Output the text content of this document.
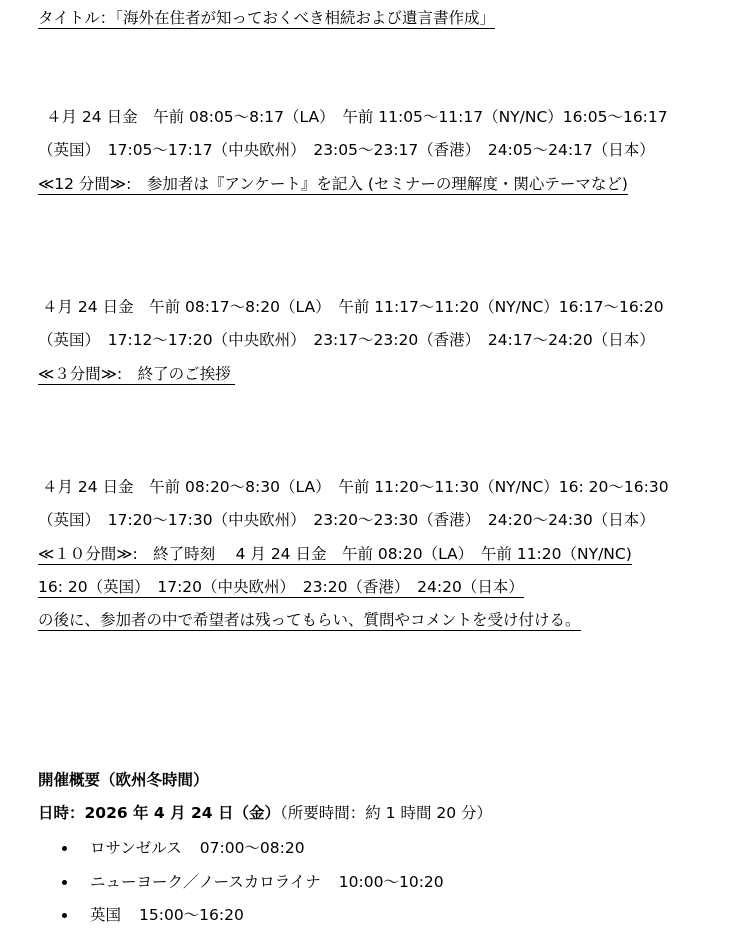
タイトル：「海外在住者が知っておくべき相続および遺言書作成」
４月 24 日金　午前 08:05～8:17（LA）　午前 11:05～11:17（NY/NC）16:05～16:17
（英国）　17:05～17:17（中央欧州）　23:05～23:17（香港）　24:05～24:17（日本）
≪12 分間≫:　参加者は『アンケート』を記入 (セミナーの理解度・関心テーマなど)
４月 24 日金　午前 08:17～8:20（LA）　午前 11:17～11:20（NY/NC）16:17～16:20
（英国）　17:12～17:20（中央欧州）　23:17～23:20（香港）　24:17～24:20（日本）
≪３分間≫:　終了のご挨拶
４月 24 日金　午前 08:20～8:30（LA）　午前 11:20～11:30（NY/NC）16: 20～16:30
（英国）　17:20～17:30（中央欧州）　23:20～23:30（香港）　24:20～24:30（日本）
≪１０分間≫:　終了時刻　 4 月 24 日金　午前 08:20（LA）　午前 11:20（NY/NC)
16: 20（英国）　17:20（中央欧州）　23:20（香港）　24:20（日本）
の後に、参加者の中で希望者は残ってもらい、質問やコメントを受け付ける。
開催概要（欧州冬時間）
日時：2026 年 4 月 24 日（金）（所要時間：約 1 時間 20 分）
ロサンゼルス 07:00～08:20
ニューヨーク／ノースカロライナ 10:00～10:20
英国 15:00～16:20
